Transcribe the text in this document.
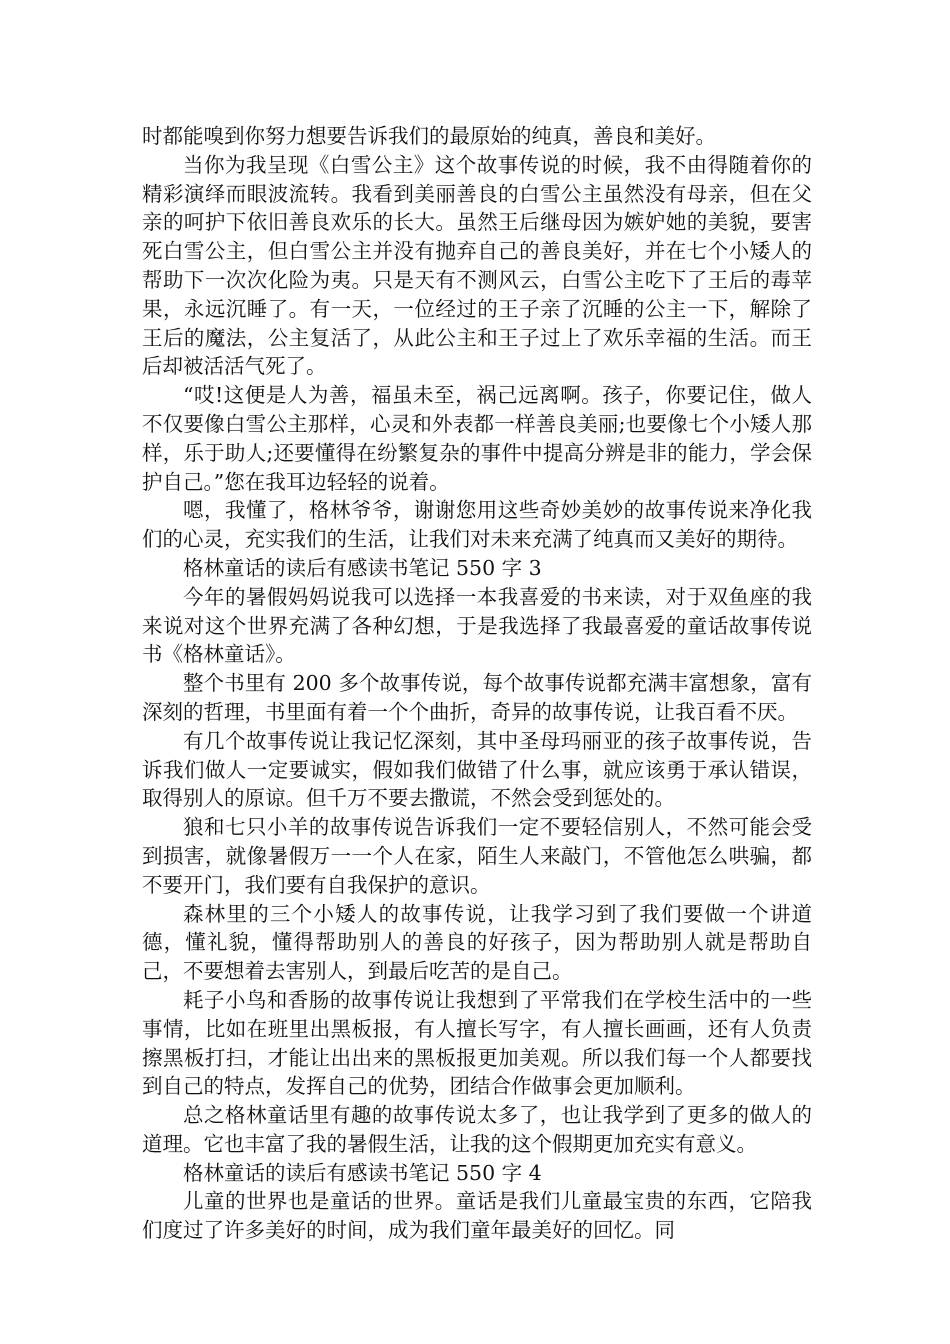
时都能嗅到你努力想要告诉我们的最原始的纯真，善良和美好。

当你为我呈现《白雪公主》这个故事传说的时候，我不由得随着你的精彩演绎而眼波流转。我看到美丽善良的白雪公主虽然没有母亲，但在父亲的呵护下依旧善良欢乐的长大。虽然王后继母因为嫉妒她的美貌，要害死白雪公主，但白雪公主并没有抛弃自己的善良美好，并在七个小矮人的帮助下一次次化险为夷。只是天有不测风云，白雪公主吃下了王后的毒苹果，永远沉睡了。有一天，一位经过的王子亲了沉睡的公主一下，解除了王后的魔法，公主复活了，从此公主和王子过上了欢乐幸福的生活。而王后却被活活气死了。

“哎!这便是人为善，福虽未至，祸己远离啊。孩子，你要记住，做人不仅要像白雪公主那样，心灵和外表都一样善良美丽;也要像七个小矮人那样，乐于助人;还要懂得在纷繁复杂的事件中提高分辨是非的能力，学会保护自己。”您在我耳边轻轻的说着。

嗯，我懂了，格林爷爷，谢谢您用这些奇妙美妙的故事传说来净化我们的心灵，充实我们的生活，让我们对未来充满了纯真而又美好的期待。

格林童话的读后有感读书笔记 550 字 3

今年的暑假妈妈说我可以选择一本我喜爱的书来读，对于双鱼座的我来说对这个世界充满了各种幻想，于是我选择了我最喜爱的童话故事传说书《格林童话》。

整个书里有 200 多个故事传说，每个故事传说都充满丰富想象，富有深刻的哲理，书里面有着一个个曲折，奇异的故事传说，让我百看不厌。

有几个故事传说让我记忆深刻，其中圣母玛丽亚的孩子故事传说，告诉我们做人一定要诚实，假如我们做错了什么事，就应该勇于承认错误，取得别人的原谅。但千万不要去撒谎，不然会受到惩处的。

狼和七只小羊的故事传说告诉我们一定不要轻信别人，不然可能会受到损害，就像暑假万一一个人在家，陌生人来敲门，不管他怎么哄骗，都不要开门，我们要有自我保护的意识。

森林里的三个小矮人的故事传说，让我学习到了我们要做一个讲道德，懂礼貌，懂得帮助别人的善良的好孩子，因为帮助别人就是帮助自己，不要想着去害别人，到最后吃苦的是自己。

耗子小鸟和香肠的故事传说让我想到了平常我们在学校生活中的一些事情，比如在班里出黑板报，有人擅长写字，有人擅长画画，还有人负责擦黑板打扫，才能让出出来的黑板报更加美观。所以我们每一个人都要找到自己的特点，发挥自己的优势，团结合作做事会更加顺利。

总之格林童话里有趣的故事传说太多了，也让我学到了更多的做人的道理。它也丰富了我的暑假生活，让我的这个假期更加充实有意义。

格林童话的读后有感读书笔记 550 字 4

儿童的世界也是童话的世界。童话是我们儿童最宝贵的东西，它陪我们度过了许多美好的时间，成为我们童年最美好的回忆。同
